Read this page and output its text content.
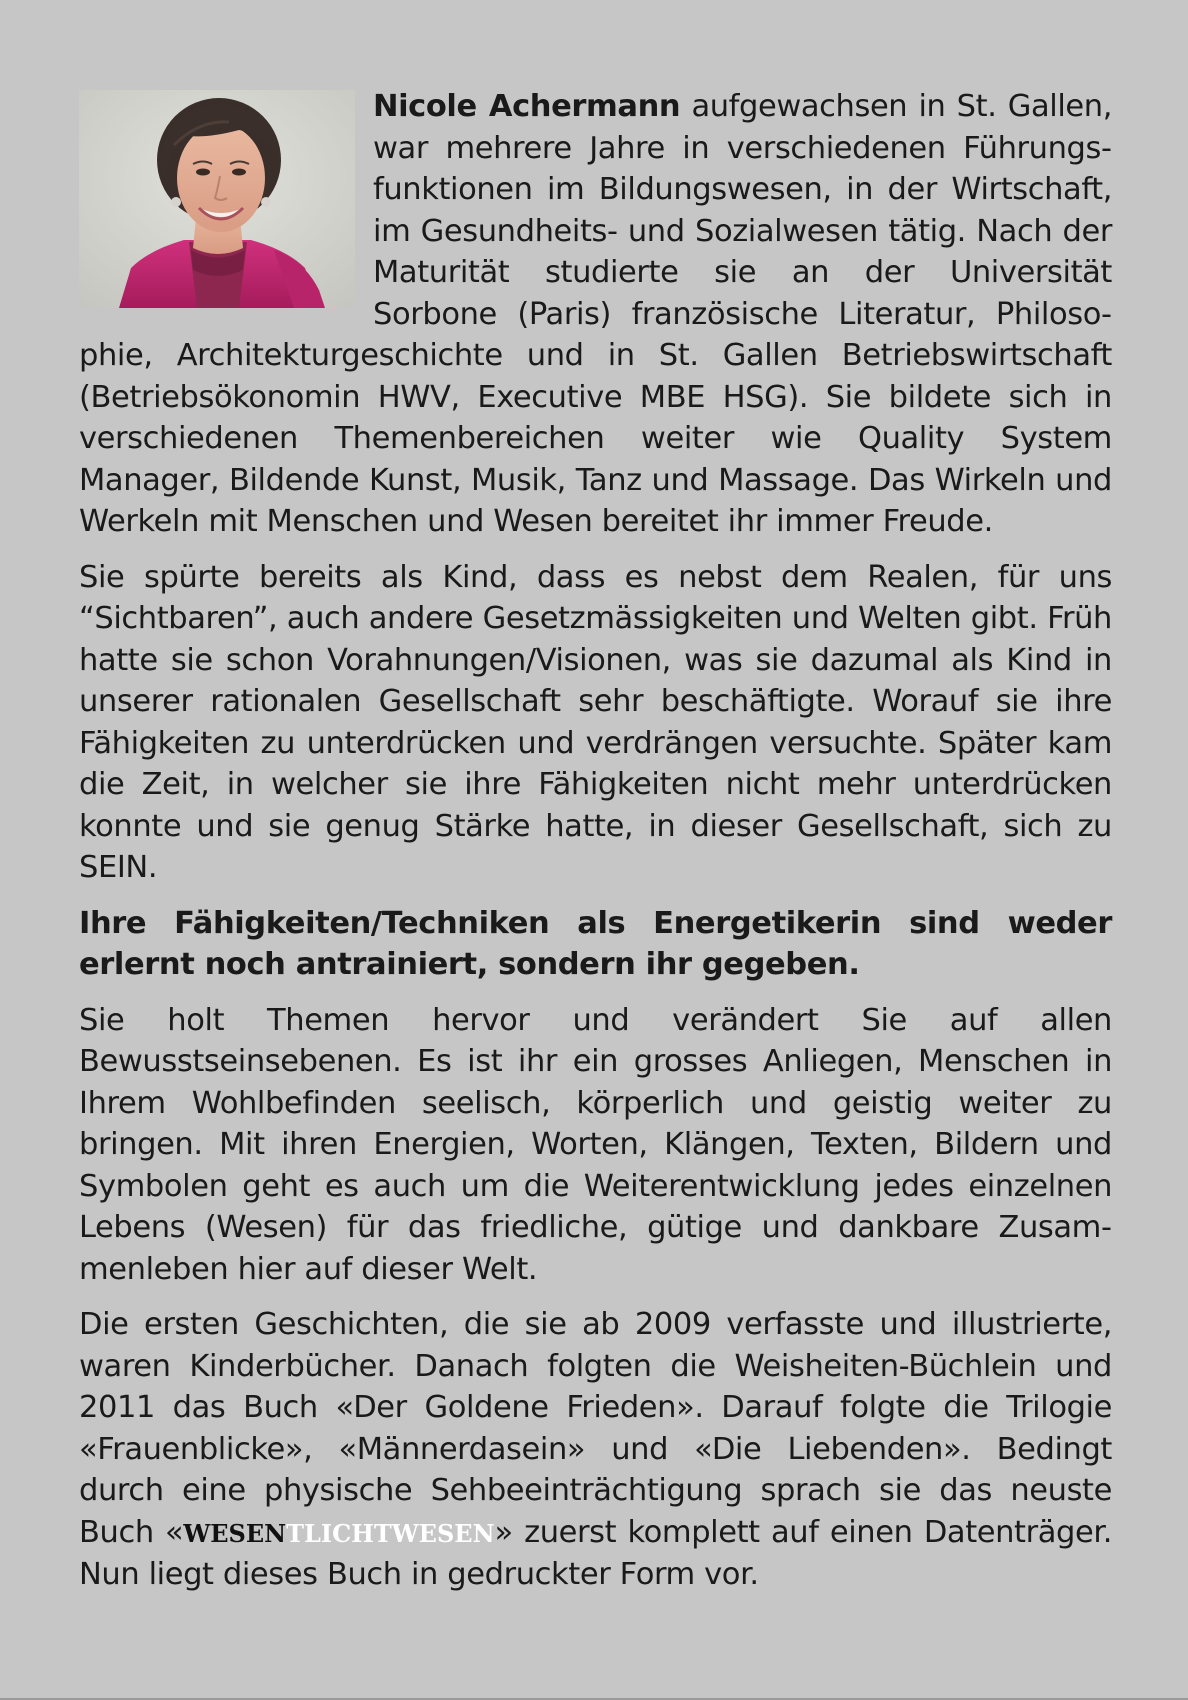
Nicole Achermann aufgewachsen in St. Gallen, war mehrere Jahre in verschiedenen Führungsfunktionen im Bildungswesen, in der Wirtschaft, im Gesundheits- und Sozialwesen tätig. Nach der Maturität studierte sie an der Universität Sorbone (Paris) französische Literatur, Philosophie, Architekturgeschichte und in St. Gallen Betriebswirtschaft (Betriebsökonomin HWV, Executive MBE HSG). Sie bildete sich in verschiedenen Themenbereichen weiter wie Quality System Manager, Bildende Kunst, Musik, Tanz und Massage. Das Wirkeln und Werkeln mit Menschen und Wesen bereitet ihr immer Freude.

Sie spürte bereits als Kind, dass es nebst dem Realen, für uns “Sichtbaren”, auch andere Gesetzmässigkeiten und Welten gibt. Früh hatte sie schon Vorahnungen/Visionen, was sie dazumal als Kind in unserer rationalen Gesellschaft sehr beschäftigte. Worauf sie ihre Fähigkeiten zu unterdrücken und verdrängen versuchte. Später kam die Zeit, in welcher sie ihre Fähigkeiten nicht mehr unterdrücken konnte und sie genug Stärke hatte, in dieser Gesellschaft, sich zu SEIN.

Ihre Fähigkeiten/Techniken als Energetikerin sind weder erlernt noch antrainiert, sondern ihr gegeben.

Sie holt Themen hervor und verändert Sie auf allen Bewusstseinsebenen. Es ist ihr ein grosses Anliegen, Menschen in Ihrem Wohlbefinden seelisch, körperlich und geistig weiter zu bringen. Mit ihren Energien, Worten, Klängen, Texten, Bildern und Symbolen geht es auch um die Weiterentwicklung jedes einzelnen Lebens (Wesen) für das friedliche, gütige und dankbare Zusammenleben hier auf dieser Welt.

Die ersten Geschichten, die sie ab 2009 verfasste und illustrierte, waren Kinderbücher. Danach folgten die Weisheiten-Büchlein und 2011 das Buch «Der Goldene Frieden». Darauf folgte die Trilogie «Frauenblicke», «Männerdasein» und «Die Liebenden». Bedingt durch eine physische Sehbeeinträchtigung sprach sie das neuste Buch «WESENTLICHTWESEN» zuerst komplett auf einen Datenträger. Nun liegt dieses Buch in gedruckter Form vor.
